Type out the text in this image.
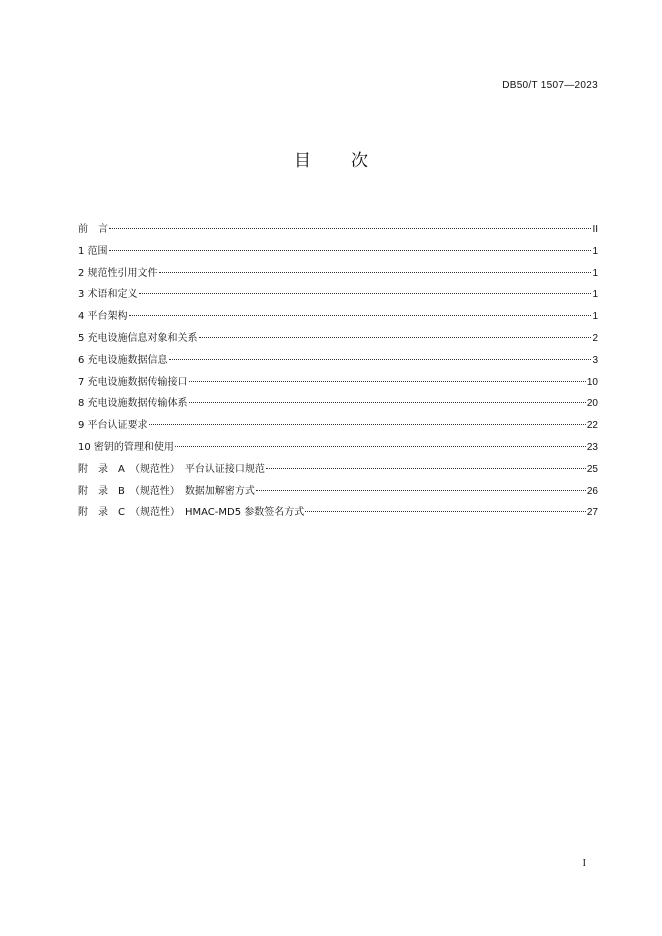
DB50/T 1507—2023
目 次
前　言	II
1 范围	1
2 规范性引用文件	1
3 术语和定义	1
4 平台架构	1
5 充电设施信息对象和关系	2
6 充电设施数据信息	3
7 充电设施数据传输接口	10
8 充电设施数据传输体系	20
9 平台认证要求	22
10 密钥的管理和使用	23
附　录　A　（规范性）　平台认证接口规范	25
附　录　B　（规范性）　数据加解密方式	26
附　录　C　（规范性）　HMAC-MD5 参数签名方式	27
I
